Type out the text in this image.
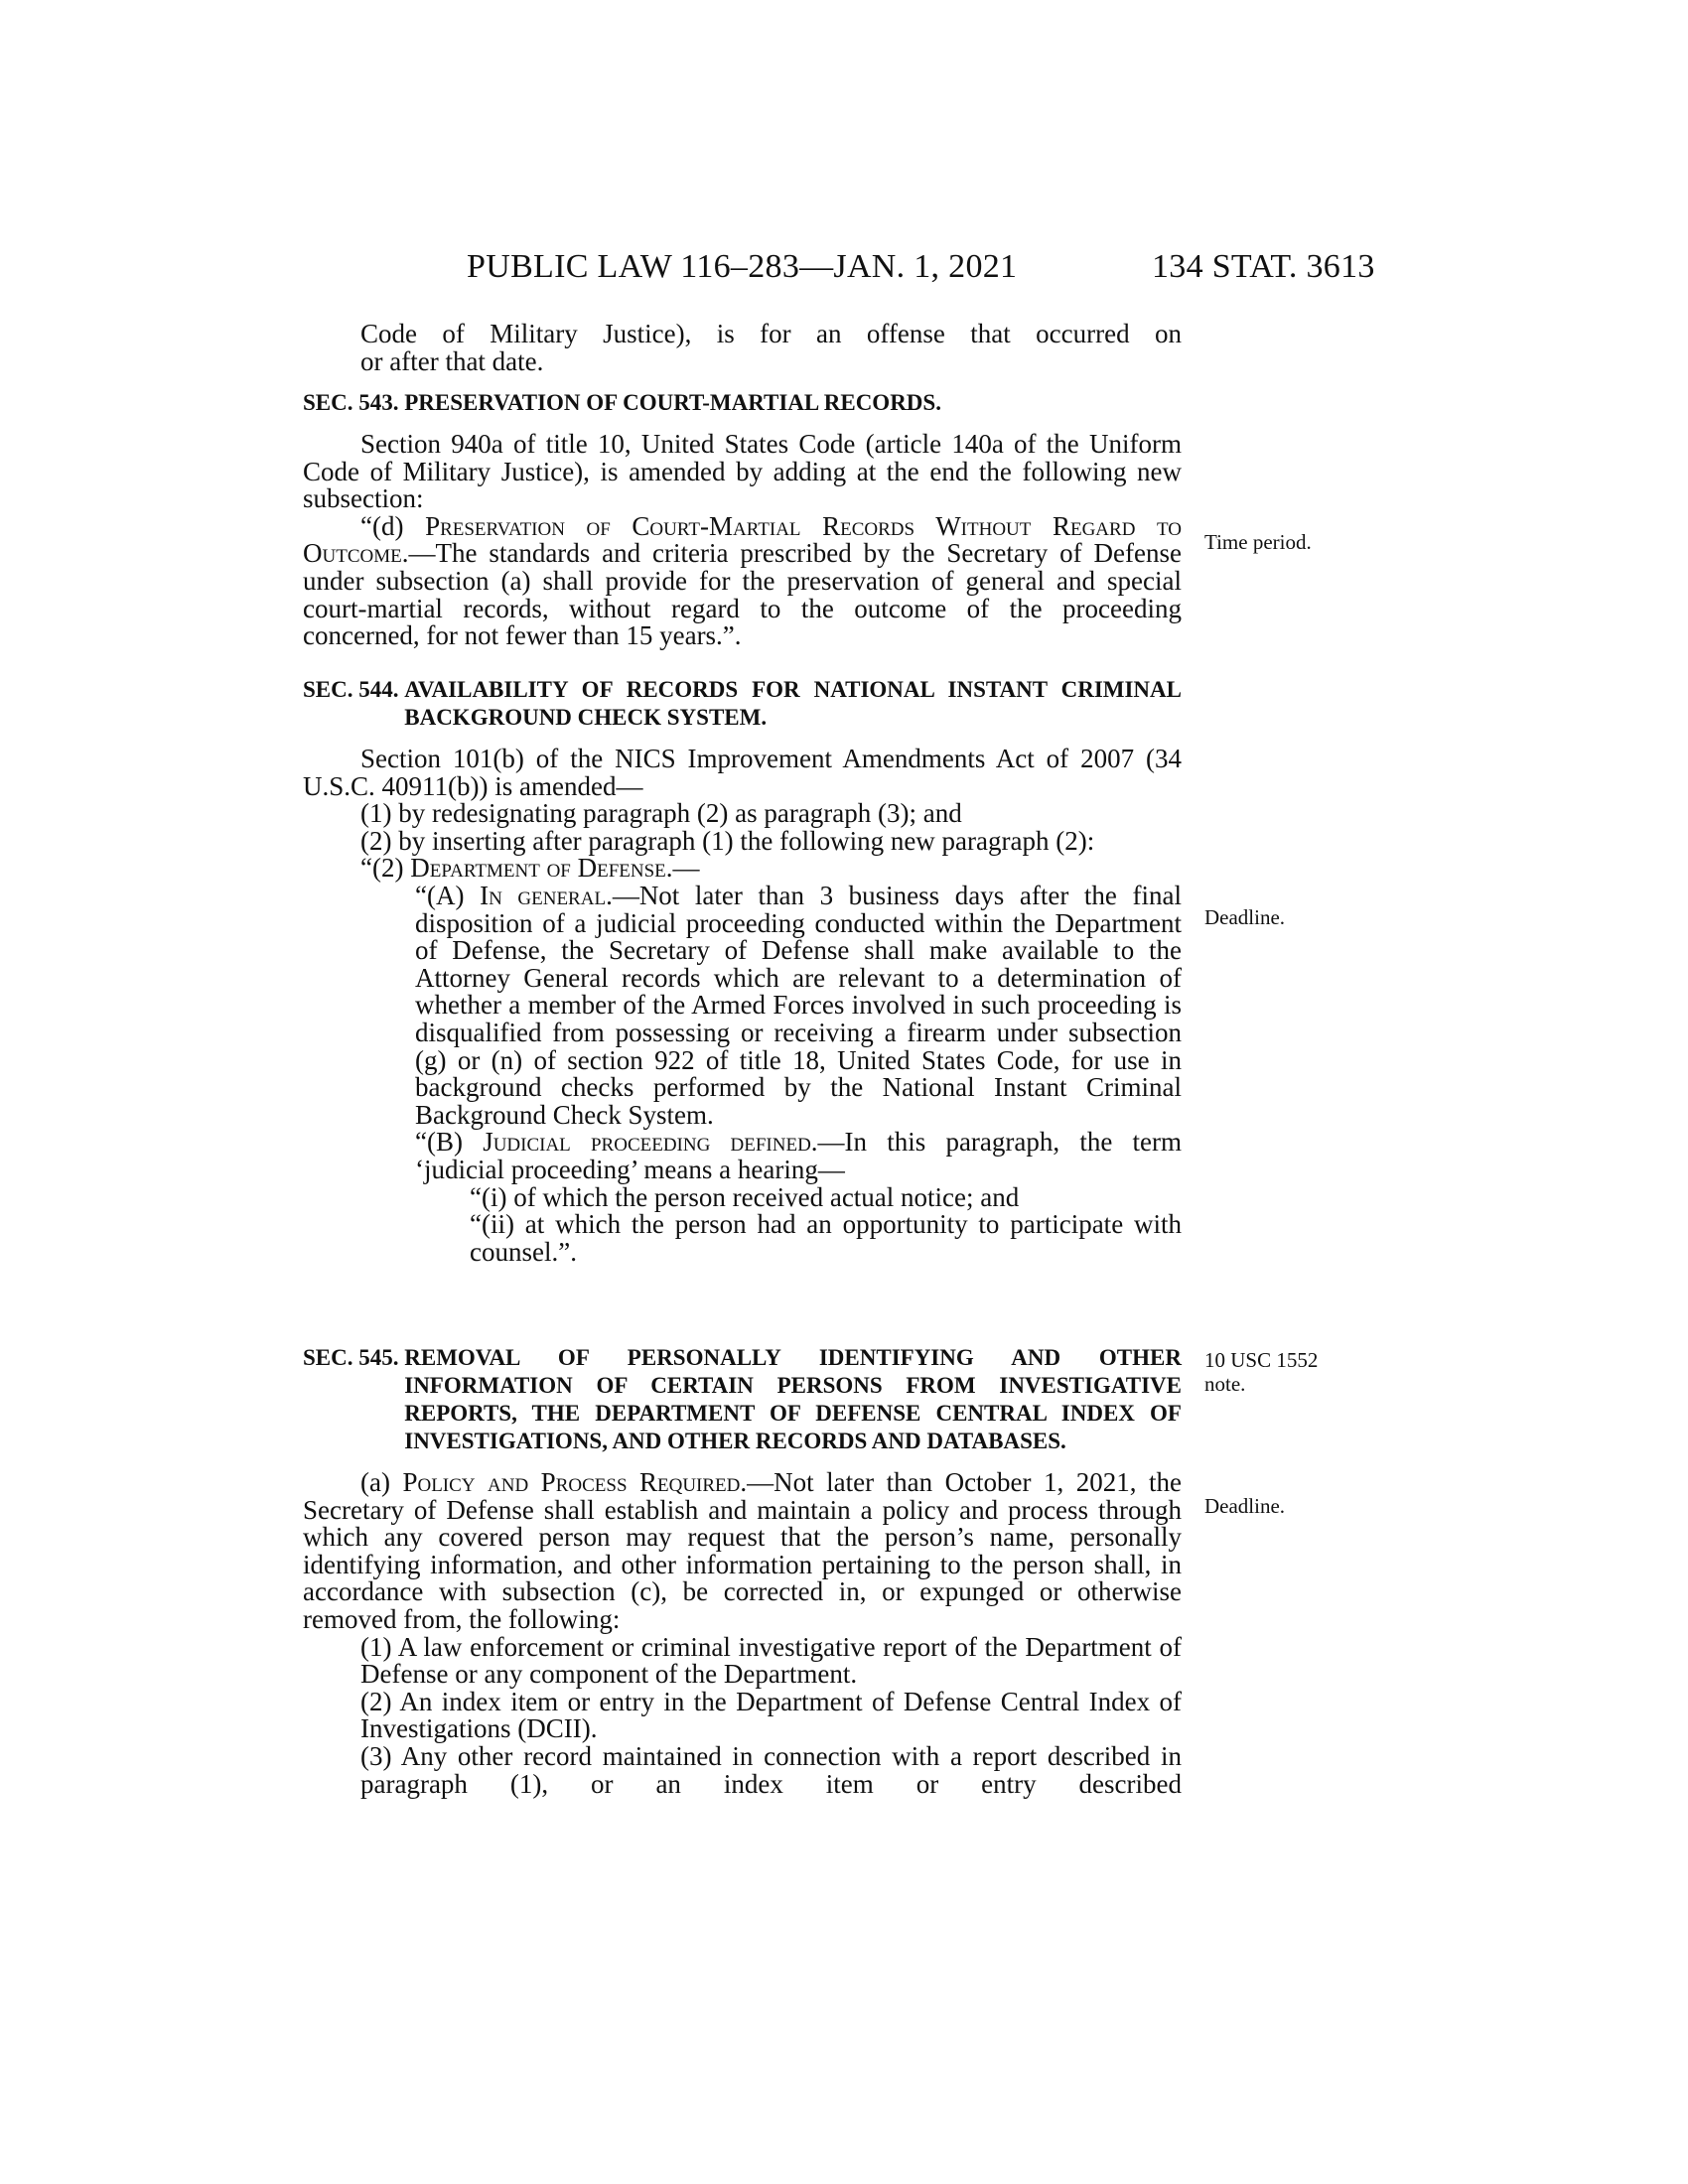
PUBLIC LAW 116–283—JAN. 1, 2021	134 STAT. 3613

Code of Military Justice), is for an offense that occurred on

or after that date.

SEC. 543. PRESERVATION OF COURT-MARTIAL RECORDS.

Section 940a of title 10, United States Code (article 140a of the Uniform Code of Military Justice), is amended by adding at the end the following new subsection:

“(d) Preservation of Court-Martial Records Without Regard to Outcome.—The standards and criteria prescribed by the Secretary of Defense under subsection (a) shall provide for the preservation of general and special court-martial records, without regard to the outcome of the proceeding concerned, for not fewer than 15 years.”.

SEC. 544. AVAILABILITY OF RECORDS FOR NATIONAL INSTANT CRIMINAL BACKGROUND CHECK SYSTEM.

Section 101(b) of the NICS Improvement Amendments Act of 2007 (34 U.S.C. 40911(b)) is amended—

(1) by redesignating paragraph (2) as paragraph (3); and

(2) by inserting after paragraph (1) the following new paragraph (2):

“(2) Department of Defense.—

“(A) In general.—Not later than 3 business days after the final disposition of a judicial proceeding conducted within the Department of Defense, the Secretary of Defense shall make available to the Attorney General records which are relevant to a determination of whether a member of the Armed Forces involved in such proceeding is disqualified from possessing or receiving a firearm under subsection (g) or (n) of section 922 of title 18, United States Code, for use in background checks performed by the National Instant Criminal Background Check System.

“(B) Judicial proceeding defined.—In this paragraph, the term ‘judicial proceeding’ means a hearing—

“(i) of which the person received actual notice; and

“(ii) at which the person had an opportunity to participate with counsel.”.

SEC. 545. REMOVAL OF PERSONALLY IDENTIFYING AND OTHER INFORMATION OF CERTAIN PERSONS FROM INVESTIGATIVE REPORTS, THE DEPARTMENT OF DEFENSE CENTRAL INDEX OF INVESTIGATIONS, AND OTHER RECORDS AND DATABASES.

(a) Policy and Process Required.—Not later than October 1, 2021, the Secretary of Defense shall establish and maintain a policy and process through which any covered person may request that the person’s name, personally identifying information, and other information pertaining to the person shall, in accordance with subsection (c), be corrected in, or expunged or otherwise removed from, the following:

(1) A law enforcement or criminal investigative report of the Department of Defense or any component of the Department.

(2) An index item or entry in the Department of Defense Central Index of Investigations (DCII).

(3) Any other record maintained in connection with a report described in paragraph (1), or an index item or entry described

Time period.
Deadline.
10 USC 1552
note.
Deadline.
